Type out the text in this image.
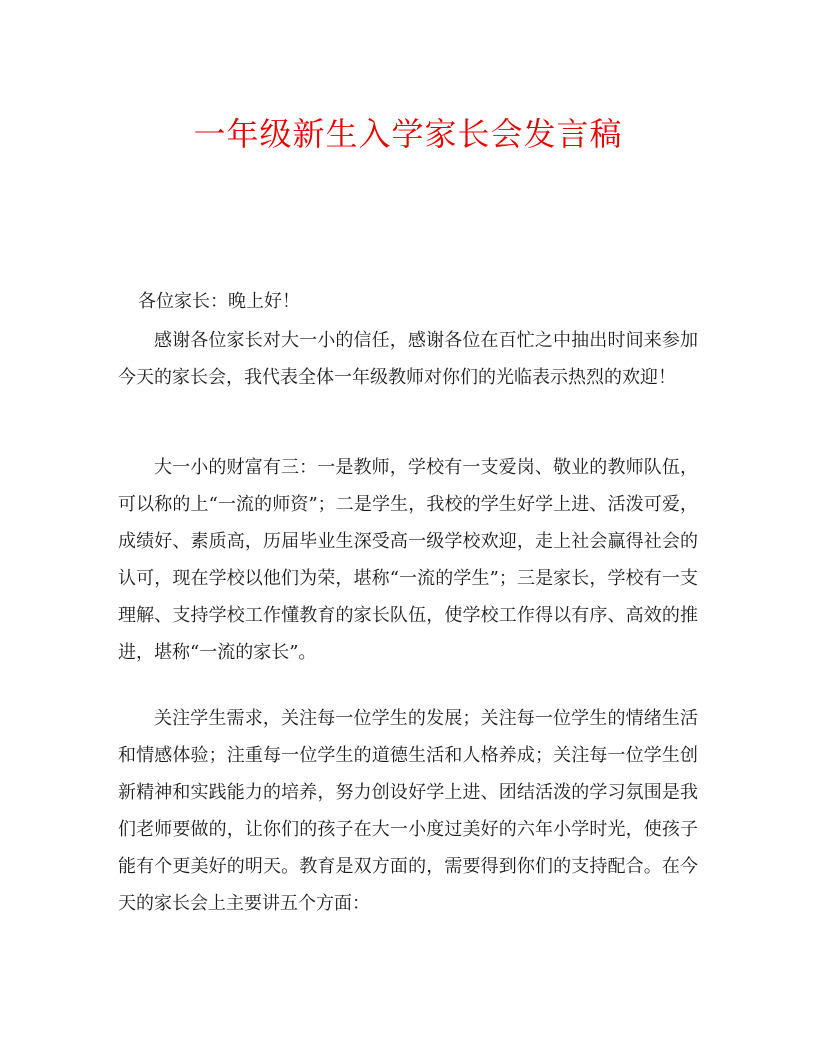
一年级新生入学家长会发言稿

各位家长：晚上好！

感谢各位家长对大一小的信任，感谢各位在百忙之中抽出时间来参加今天的家长会，我代表全体一年级教师对你们的光临表示热烈的欢迎！

大一小的财富有三：一是教师，学校有一支爱岗、敬业的教师队伍，可以称的上“一流的师资”；二是学生，我校的学生好学上进、活泼可爱，成绩好、素质高，历届毕业生深受高一级学校欢迎，走上社会赢得社会的认可，现在学校以他们为荣，堪称“一流的学生”；三是家长，学校有一支理解、支持学校工作懂教育的家长队伍，使学校工作得以有序、高效的推进，堪称“一流的家长”。

关注学生需求，关注每一位学生的发展；关注每一位学生的情绪生活和情感体验；注重每一位学生的道德生活和人格养成；关注每一位学生创新精神和实践能力的培养，努力创设好学上进、团结活泼的学习氛围是我们老师要做的，让你们的孩子在大一小度过美好的六年小学时光，使孩子能有个更美好的明天。教育是双方面的，需要得到你们的支持配合。在今天的家长会上主要讲五个方面：
